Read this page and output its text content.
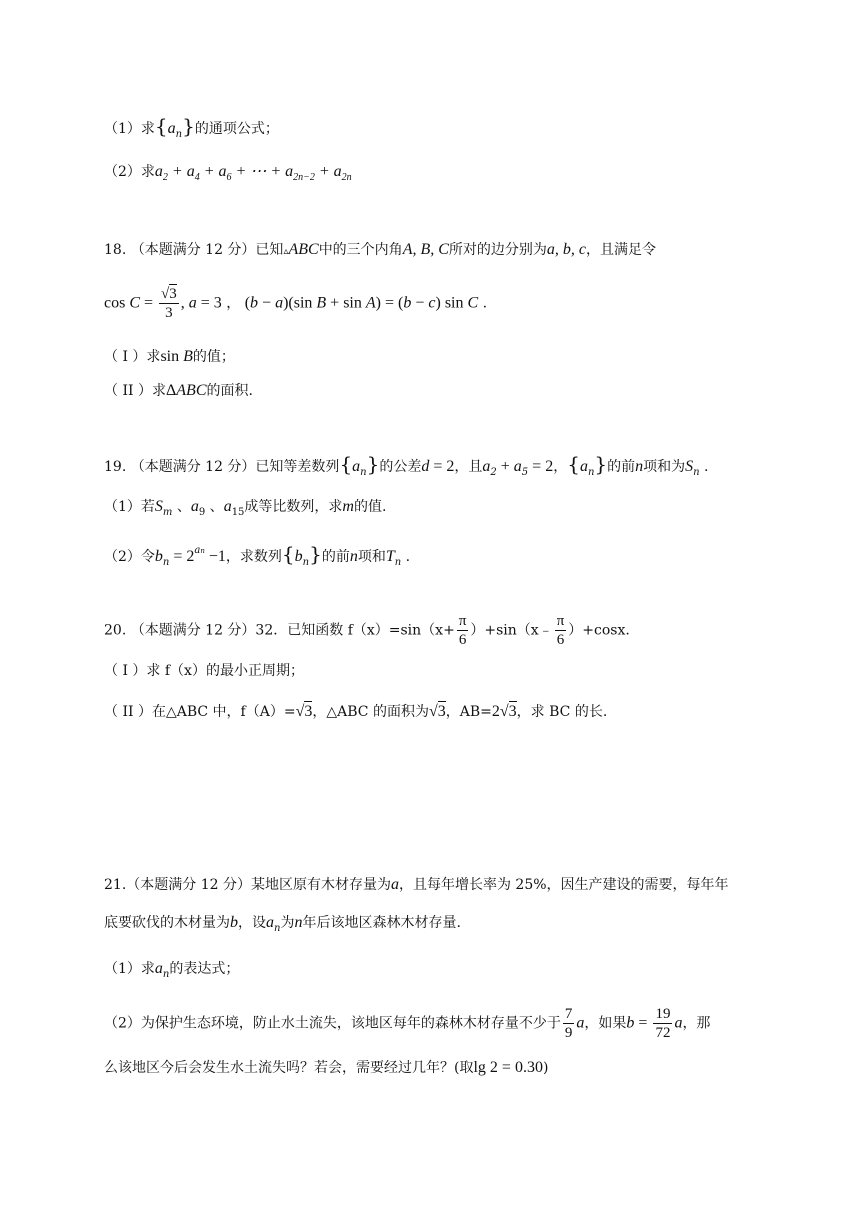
（1）求$\{a_n\}$的通项公式；
（2）求$a_2 + a_4 + a_6$ + ⋯ + $a_{2n-2} + a_{2n}$
18. （本题满分 12 分）已知▵ABC中的三个内角A, B, C所对的边分别为a, b, c，且满足令
$\cos C = \frac{√3}{3}$ , a = 3 ， (b − a)(sin B + sin A) = (b − c) sin C .
（ I ）求sin B的值；
（ II ）求ΔABC的面积.
19. （本题满分 12 分）已知等差数列$\{a_n\}$的公差d = 2，且$a_2 + a_5 = 2$，$\{a_n\}$的前n项和为$S_n$ .
（1）若$S_m$ 、$a_9$ 、$a_{15}$成等比数列，求m的值.
（2）令$b_n = 2^{an} -1$，求数列$\{b_n\}$的前n项和$T_n$ .
20. （本题满分 12 分）32．已知函数 $f(x)=\sin(x+ \frac{\pi}{6}$ ）+sin（x﹣ $\frac{\pi}{6} )+\cos x$.
（ I ）求 f（x）的最小正周期；
（ II ）在△ABC 中，f（A）=√3，△ABC 的面积为√3，AB=2√3，求 BC 的长.
21.（本题满分 12 分）某地区原有木材存量为a，且每年增长率为 25%，因生产建设的需要，每年年
底要砍伐的木材量为b，设$a_n$为n年后该地区森林木材存量.
（1）求$a_n$的表达式；
（2）为保护生态环境，防止水土流失，该地区每年的森林木材存量不少于 $\frac{7}{9}$ a，如果$b = \frac{19}{72}$ a，那
么该地区今后会发生水土流失吗？若会，需要经过几年？(取lg 2 = 0.30)
